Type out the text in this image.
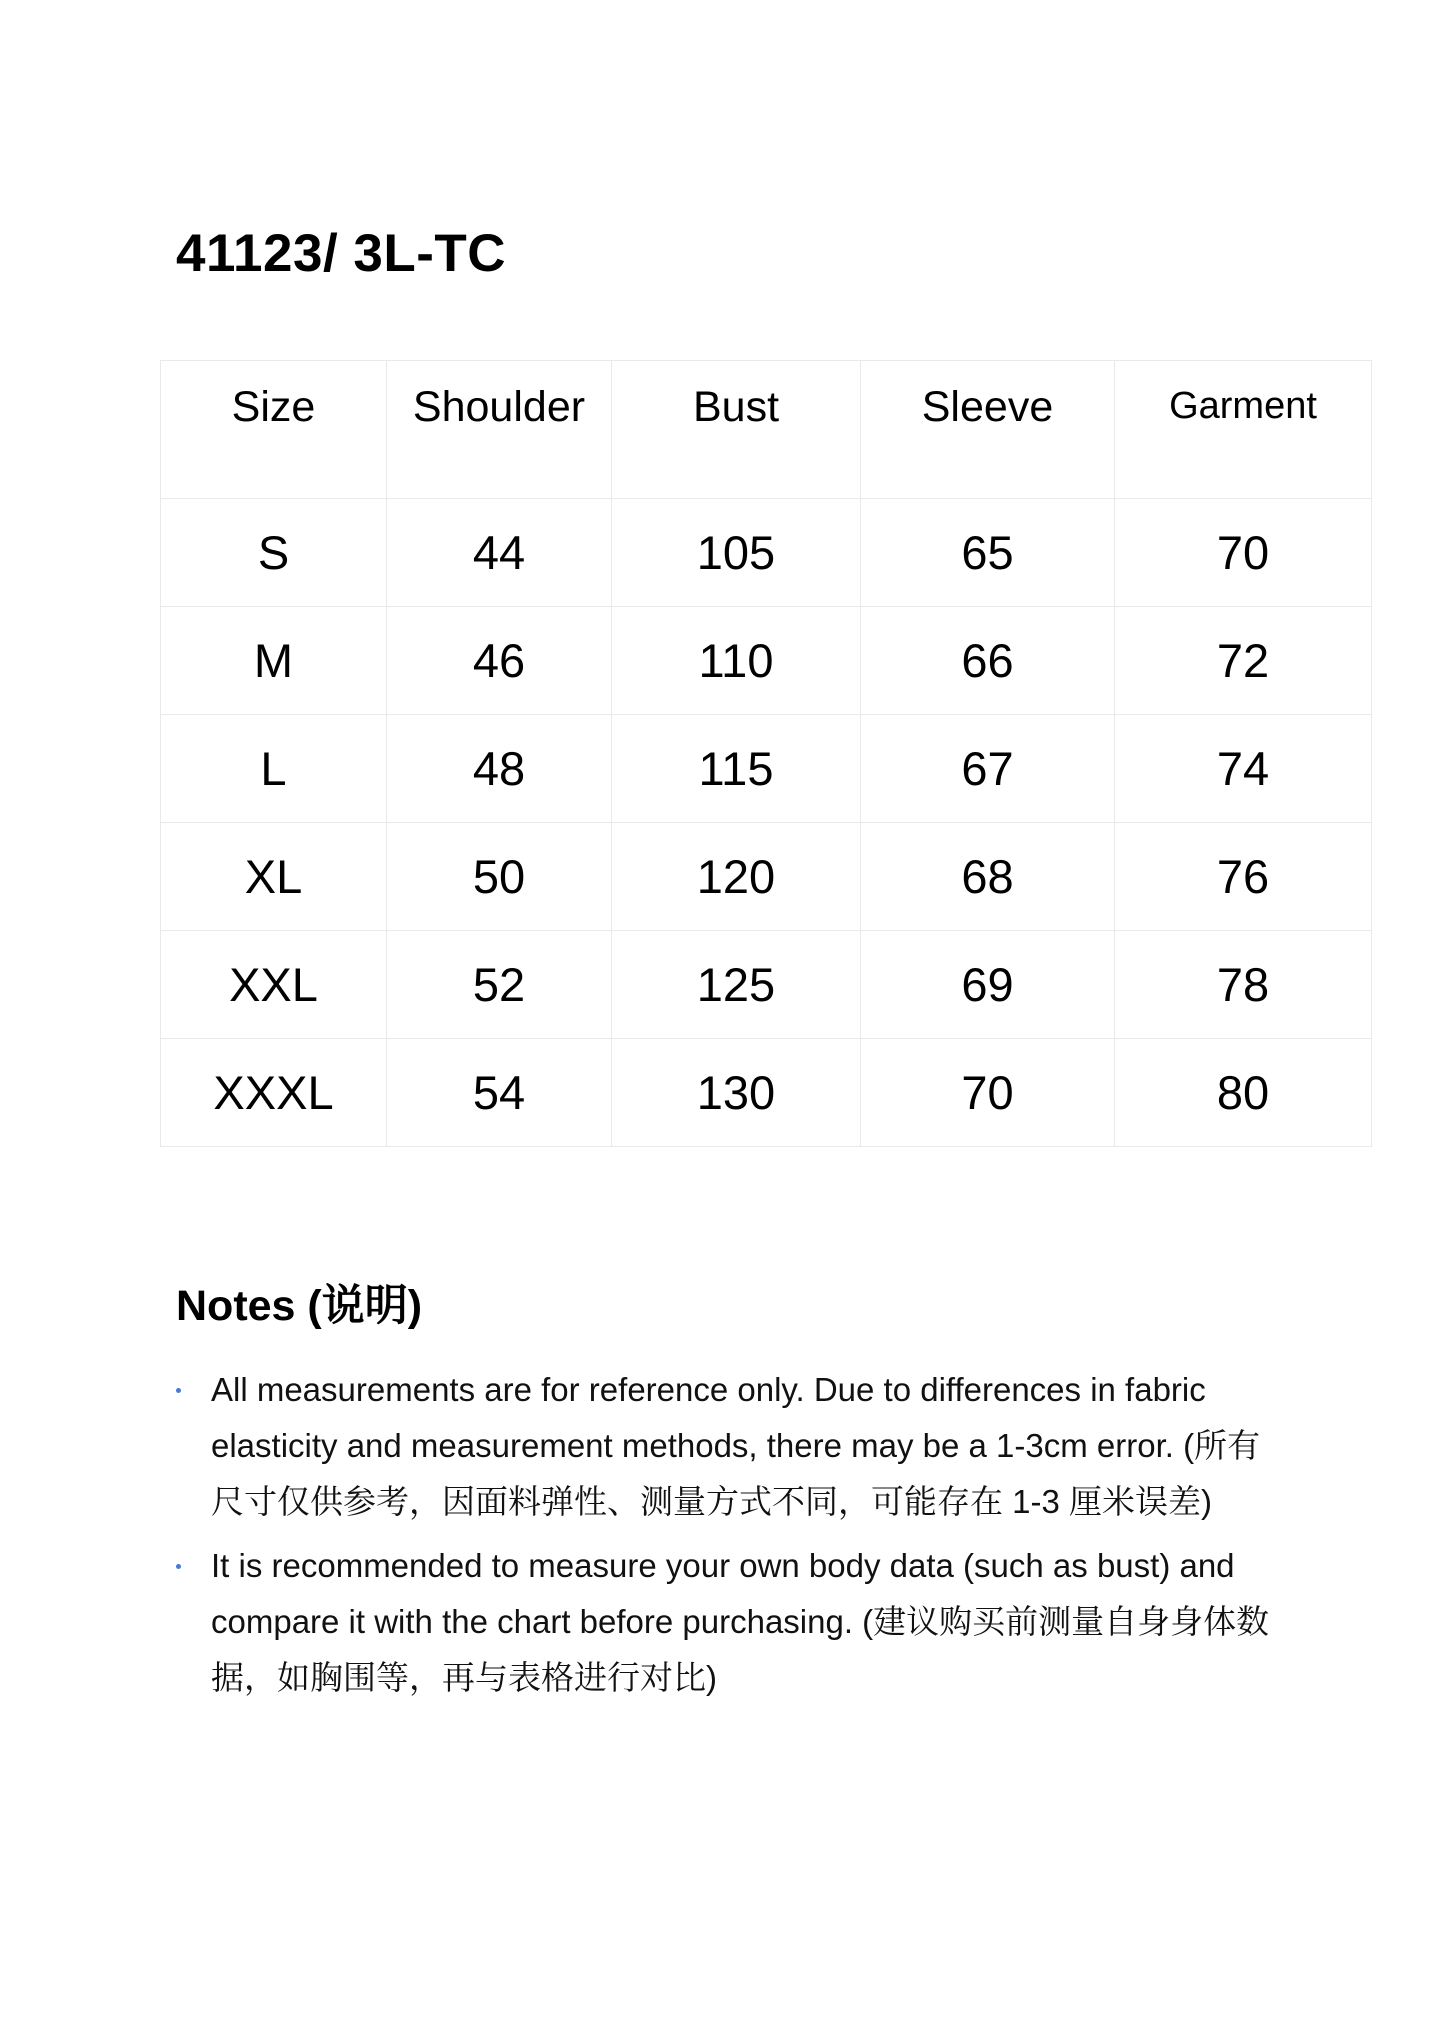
41123/ 3L-TC
Size	Shoulder	Bust	Sleeve	Garment
S	44	105	65	70
M	46	110	66	72
L	48	115	67	74
XL	50	120	68	76
XXL	52	125	69	78
XXXL	54	130	70	80
Notes (说明)
All measurements are for reference only. Due to differences in fabric elasticity and measurement methods, there may be a 1-3cm error. (所有尺寸仅供参考，因面料弹性、测量方式不同，可能存在 1-3 厘米误差)
It is recommended to measure your own body data (such as bust) and compare it with the chart before purchasing. (建议购买前测量自身身体数据，如胸围等，再与表格进行对比)
